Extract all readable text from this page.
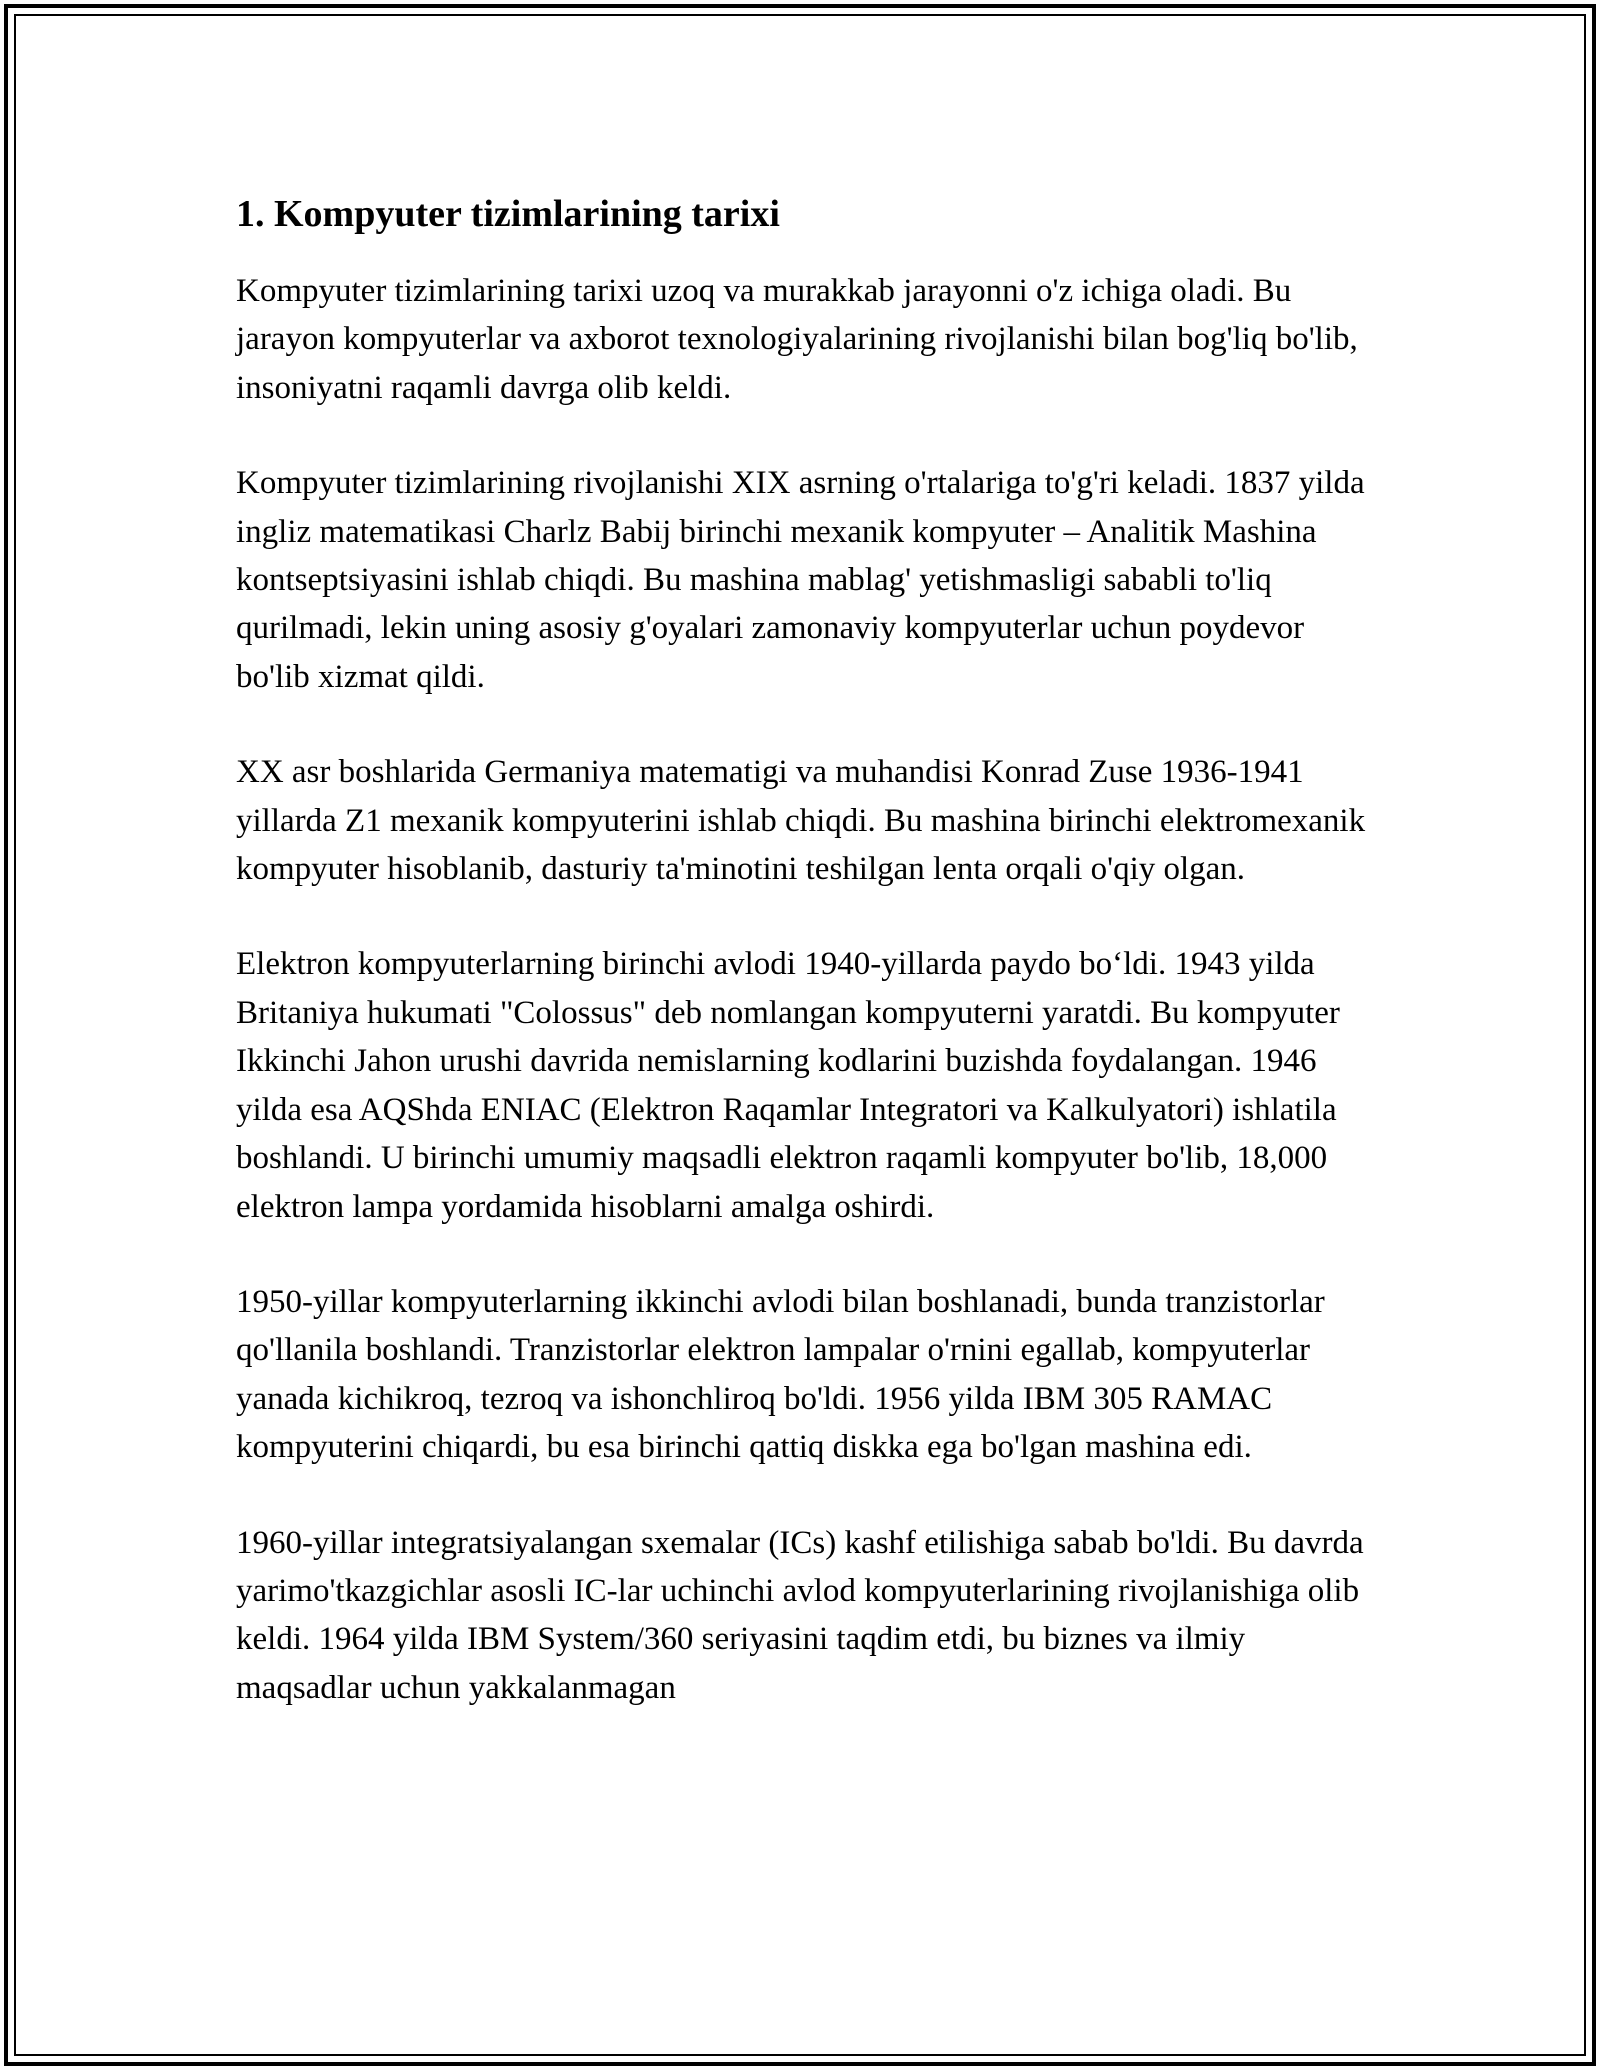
1. Kompyuter tizimlarining tarixi

Kompyuter tizimlarining tarixi uzoq va murakkab jarayonni o'z ichiga oladi. Bu jarayon kompyuterlar va axborot texnologiyalarining rivojlanishi bilan bog'liq bo'lib, insoniyatni raqamli davrga olib keldi.

Kompyuter tizimlarining rivojlanishi XIX asrning o'rtalariga to'g'ri keladi. 1837 yilda ingliz matematikasi Charlz Babij birinchi mexanik kompyuter – Analitik Mashina kontseptsiyasini ishlab chiqdi. Bu mashina mablag' yetishmasligi sababli to'liq qurilmadi, lekin uning asosiy g'oyalari zamonaviy kompyuterlar uchun poydevor bo'lib xizmat qildi.

XX asr boshlarida Germaniya matematigi va muhandisi Konrad Zuse 1936-1941 yillarda Z1 mexanik kompyuterini ishlab chiqdi. Bu mashina birinchi elektromexanik kompyuter hisoblanib, dasturiy ta'minotini teshilgan lenta orqali o'qiy olgan.

Elektron kompyuterlarning birinchi avlodi 1940-yillarda paydo bo‘ldi. 1943 yilda Britaniya hukumati "Colossus" deb nomlangan kompyuterni yaratdi. Bu kompyuter Ikkinchi Jahon urushi davrida nemislarning kodlarini buzishda foydalangan. 1946 yilda esa AQShda ENIAC (Elektron Raqamlar Integratori va Kalkulyatori) ishlatila boshlandi. U birinchi umumiy maqsadli elektron raqamli kompyuter bo'lib, 18,000 elektron lampa yordamida hisoblarni amalga oshirdi.

1950-yillar kompyuterlarning ikkinchi avlodi bilan boshlanadi, bunda tranzistorlar qo'llanila boshlandi. Tranzistorlar elektron lampalar o'rnini egallab, kompyuterlar yanada kichikroq, tezroq va ishonchliroq bo'ldi. 1956 yilda IBM 305 RAMAC kompyuterini chiqardi, bu esa birinchi qattiq diskka ega bo'lgan mashina edi.

1960-yillar integratsiyalangan sxemalar (ICs) kashf etilishiga sabab bo'ldi. Bu davrda yarimo'tkazgichlar asosli IC-lar uchinchi avlod kompyuterlarining rivojlanishiga olib keldi. 1964 yilda IBM System/360 seriyasini taqdim etdi, bu biznes va ilmiy maqsadlar uchun yakkalanmagan
